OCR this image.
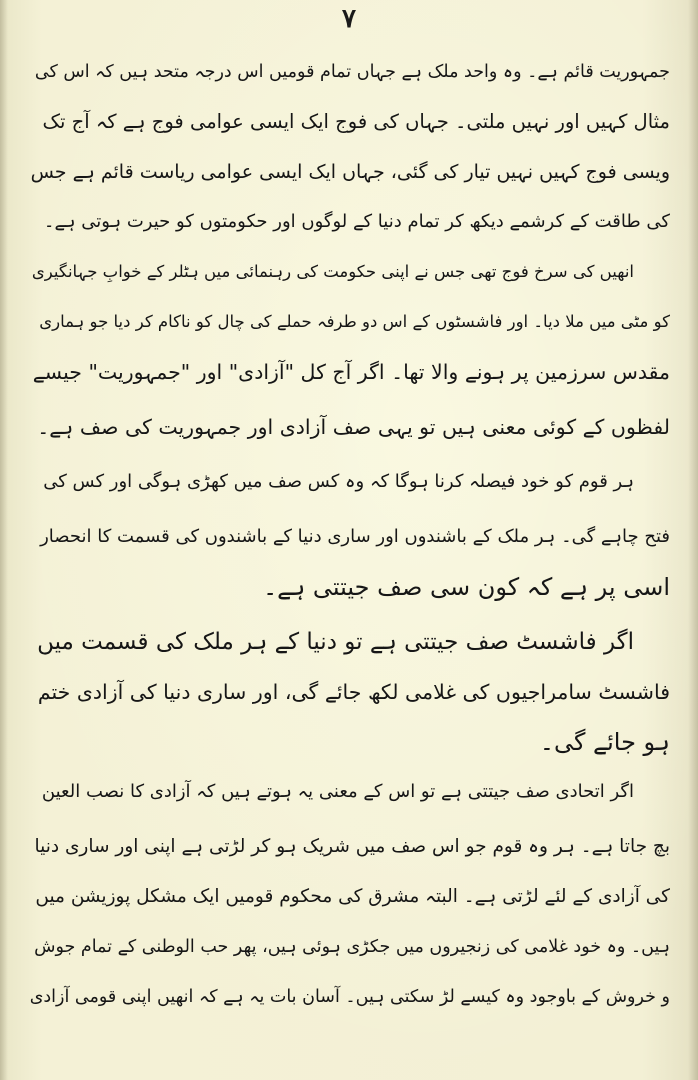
۷
جمہوریت قائم ہے۔ وہ واحد ملک ہے جہاں تمام قومیں اس درجہ متحد ہیں کہ اس کی
مثال کہیں اور نہیں ملتی۔ جہاں کی فوج ایک ایسی عوامی فوج ہے کہ آج تک
ویسی فوج کہیں نہیں تیار کی گئی، جہاں ایک ایسی عوامی ریاست قائم ہے جس
کی طاقت کے کرشمے دیکھ کر تمام دنیا کے لوگوں اور حکومتوں کو حیرت ہوتی ہے۔
انھیں کی سرخ فوج تھی جس نے اپنی حکومت کی رہنمائی میں ہٹلر کے خوابِ جہانگیری
کو مٹی میں ملا دیا۔ اور فاشسٹوں کے اس دو طرفہ حملے کی چال کو ناکام کر دیا جو ہماری
مقدس سرزمین پر ہونے والا تھا۔ اگر آج کل "آزادی" اور "جمہوریت" جیسے
لفظوں کے کوئی معنی ہیں تو یہی صف آزادی اور جمہوریت کی صف ہے۔
ہر قوم کو خود فیصلہ کرنا ہوگا کہ وہ کس صف میں کھڑی ہوگی اور کس کی
فتح چاہے گی۔ ہر ملک کے باشندوں اور ساری دنیا کے باشندوں کی قسمت کا انحصار
اسی پر ہے کہ کون سی صف جیتتی ہے۔
اگر فاشسٹ صف جیتتی ہے تو دنیا کے ہر ملک کی قسمت میں
فاشسٹ سامراجیوں کی غلامی لکھ جائے گی، اور ساری دنیا کی آزادی ختم
ہو جائے گی۔
اگر اتحادی صف جیتتی ہے تو اس کے معنی یہ ہوتے ہیں کہ آزادی کا نصب العین
بچ جاتا ہے۔ ہر وہ قوم جو اس صف میں شریک ہو کر لڑتی ہے اپنی اور ساری دنیا
کی آزادی کے لئے لڑتی ہے۔ البتہ مشرق کی محکوم قومیں ایک مشکل پوزیشن میں
ہیں۔ وہ خود غلامی کی زنجیروں میں جکڑی ہوئی ہیں، پھر حب الوطنی کے تمام جوش
و خروش کے باوجود وہ کیسے لڑ سکتی ہیں۔ آسان بات یہ ہے کہ انھیں اپنی قومی آزادی
